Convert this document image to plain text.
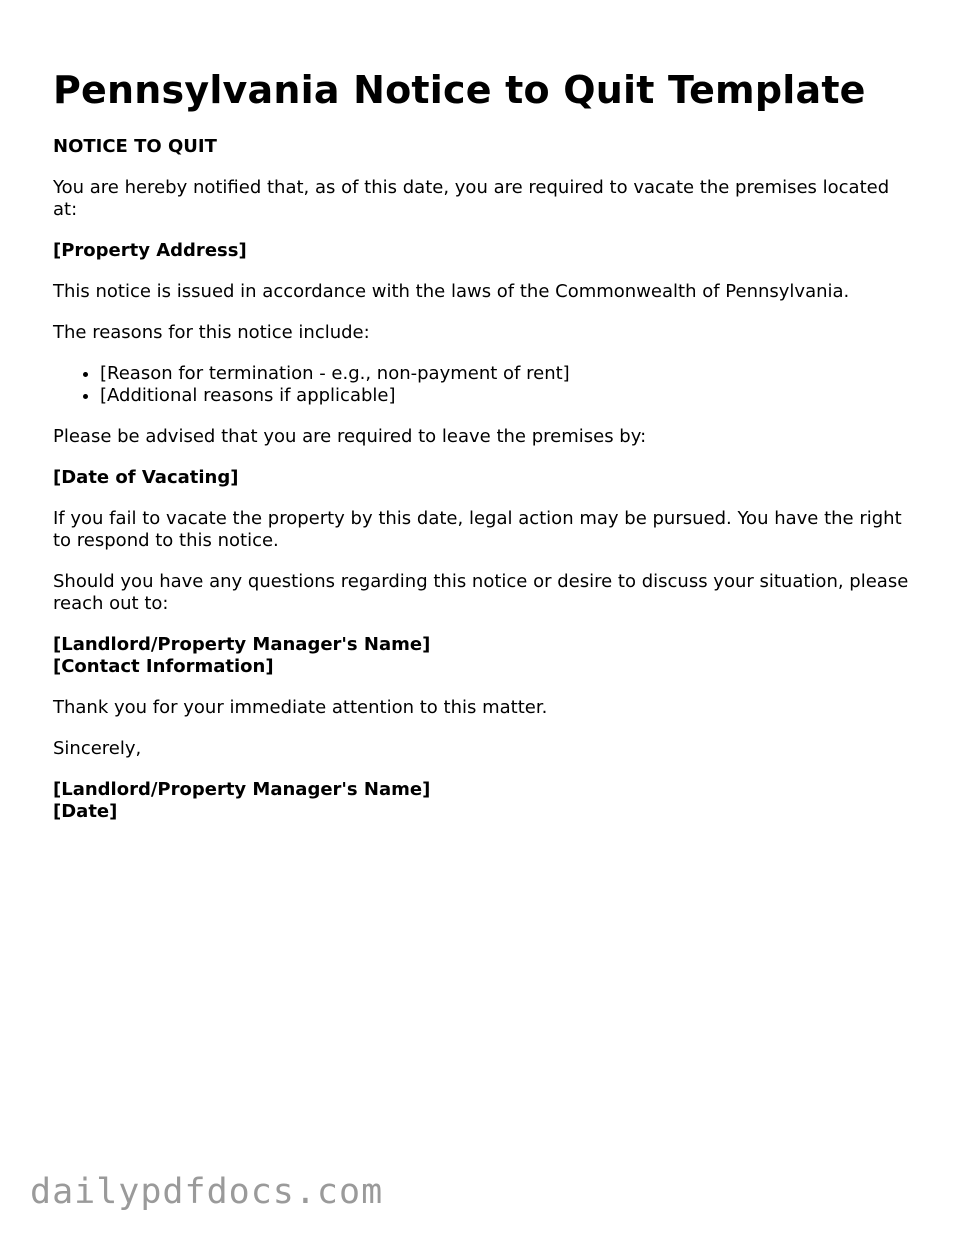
Pennsylvania Notice to Quit Template

NOTICE TO QUIT

You are hereby notified that, as of this date, you are required to vacate the premises located at:

[Property Address]

This notice is issued in accordance with the laws of the Commonwealth of Pennsylvania.

The reasons for this notice include:

• [Reason for termination - e.g., non-payment of rent]
• [Additional reasons if applicable]

Please be advised that you are required to leave the premises by:

[Date of Vacating]

If you fail to vacate the property by this date, legal action may be pursued. You have the right to respond to this notice.

Should you have any questions regarding this notice or desire to discuss your situation, please reach out to:

[Landlord/Property Manager's Name]
[Contact Information]

Thank you for your immediate attention to this matter.

Sincerely,

[Landlord/Property Manager's Name]
[Date]

dailypdfdocs.com
